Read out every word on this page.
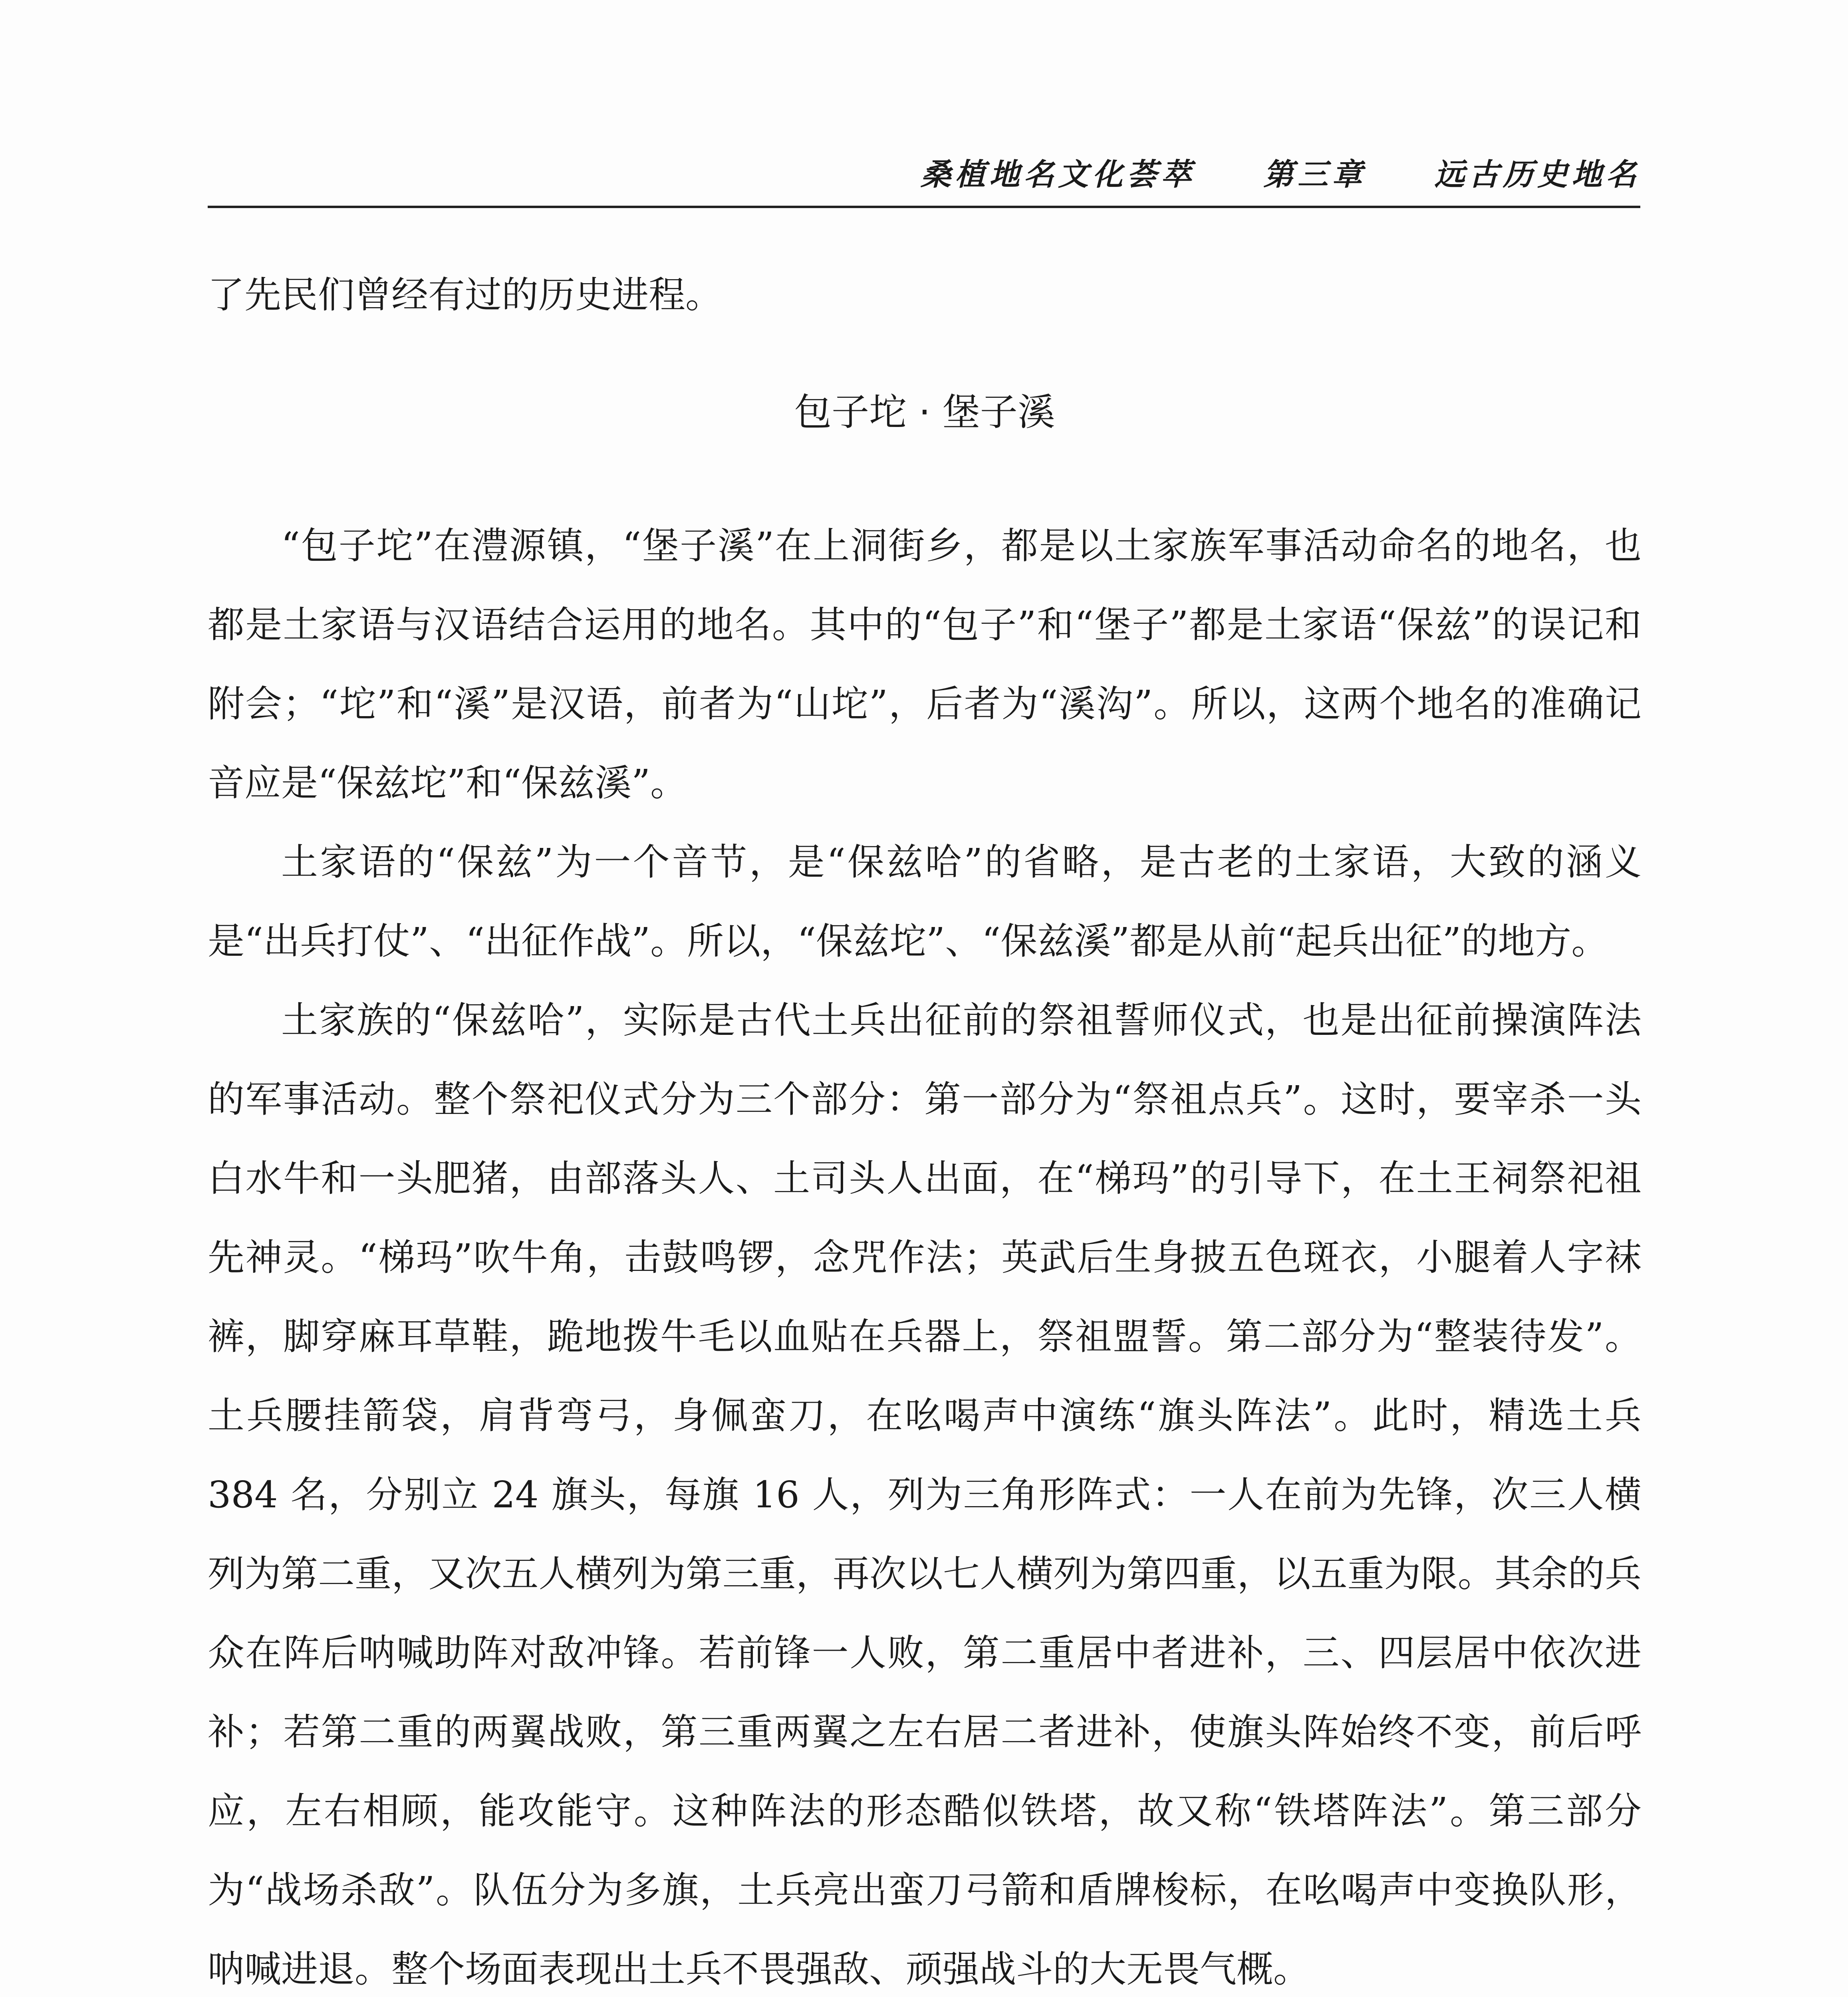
桑植地名文化荟萃 第三章 远古历史地名

了先民们曾经有过的历史进程。

包子坨 · 堡子溪

“包子坨”在澧源镇，“堡子溪”在上洞街乡，都是以土家族军事活动命名的地名，也都是土家语与汉语结合运用的地名。其中的“包子”和“堡子”都是土家语“保兹”的误记和附会；“坨”和“溪”是汉语，前者为“山坨”，后者为“溪沟”。所以，这两个地名的准确记音应是“保兹坨”和“保兹溪”。

土家语的“保兹”为一个音节，是“保兹哈”的省略，是古老的土家语，大致的涵义是“出兵打仗”、“出征作战”。所以，“保兹坨”、“保兹溪”都是从前“起兵出征”的地方。

土家族的“保兹哈”，实际是古代土兵出征前的祭祖誓师仪式，也是出征前操演阵法的军事活动。整个祭祀仪式分为三个部分：第一部分为“祭祖点兵”。这时，要宰杀一头白水牛和一头肥猪，由部落头人、土司头人出面，在“梯玛”的引导下，在土王祠祭祀祖先神灵。“梯玛”吹牛角，击鼓鸣锣，念咒作法；英武后生身披五色斑衣，小腿着人字袜裤，脚穿麻耳草鞋，跪地拨牛毛以血贴在兵器上，祭祖盟誓。第二部分为“整装待发”。土兵腰挂箭袋，肩背弯弓，身佩蛮刀，在吆喝声中演练“旗头阵法”。此时，精选土兵 384 名，分别立 24 旗头，每旗 16 人，列为三角形阵式：一人在前为先锋，次三人横列为第二重，又次五人横列为第三重，再次以七人横列为第四重，以五重为限。其余的兵众在阵后呐喊助阵对敌冲锋。若前锋一人败，第二重居中者进补，三、四层居中依次进补；若第二重的两翼战败，第三重两翼之左右居二者进补，使旗头阵始终不变，前后呼应，左右相顾，能攻能守。这种阵法的形态酷似铁塔，故又称“铁塔阵法”。第三部分为“战场杀敌”。队伍分为多旗，土兵亮出蛮刀弓箭和盾牌梭标，在吆喝声中变换队形，呐喊进退。整个场面表现出土兵不畏强敌、顽强战斗的大无畏气概。
